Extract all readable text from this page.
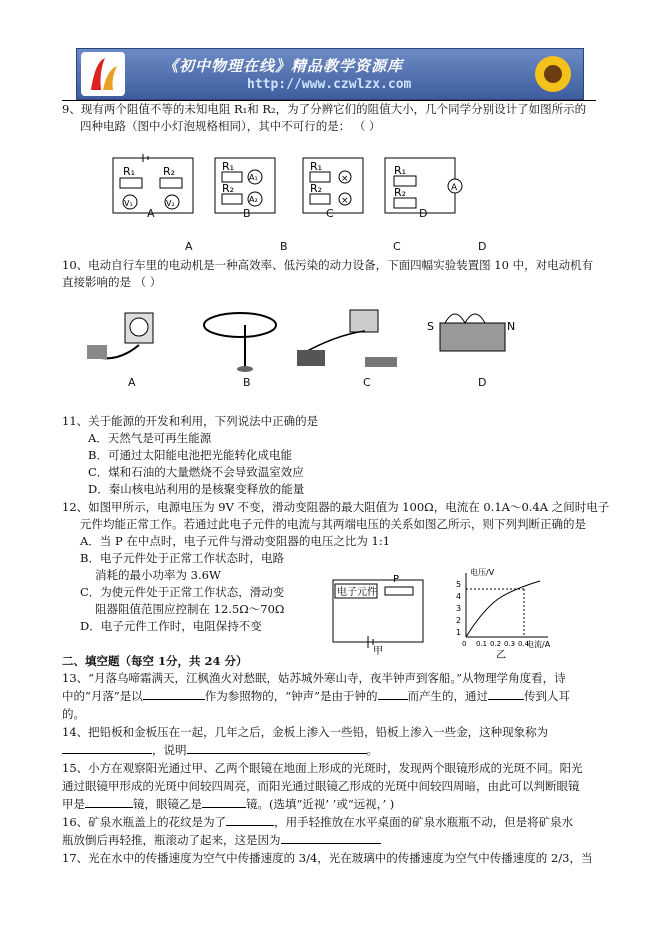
《初中物理在线》精品教学资源库
http://www.czwlzx.com
9、现有两个阻值不等的未知电阻 R₁和 R₂，为了分辨它们的阻值大小，几个同学分别设计了如图所示的
四种电路（图中小灯泡规格相同），其中不可行的是： （ ）
R₁	R₂
V₁	V₂
R₁
A₁
R₂
A₂
R₁
×
R₂
×
R₁
R₂	A
A	B	C	D
A	B	C	D
10、电动自行车里的电动机是一种高效率、低污染的动力设备，下面四幅实验装置图 10 中，对电动机有
直接影响的是 （ ）
S	N
A	B	C	D
11、关于能源的开发和利用，下列说法中正确的是
A．天然气是可再生能源
B．可通过太阳能电池把光能转化成电能
C．煤和石油的大量燃烧不会导致温室效应
D．秦山核电站利用的是核聚变释放的能量
12、如图甲所示，电源电压为 9V 不变，滑动变阻器的最大阻值为 100Ω，电流在 0.1A～0.4A 之间时电子
元件均能正常工作。若通过此电子元件的电流与其两端电压的关系如图乙所示，则下列判断正确的是
A．当 P 在中点时，电子元件与滑动变阻器的电压之比为 1:1
B．电子元件处于正常工作状态时，电路
消耗的最小功率为 3.6W
C．为使元件处于正常工作状态，滑动变
阻器阻值范围应控制在 12.5Ω～70Ω
D．电子元件工作时，电阻保持不变
电子元件
P
甲
电压/V
电流/A
5
4
3
2
1
0 0.1 0.2 0.3 0.4
乙
二、填空题（每空 1分，共 24 分）
13、“月落乌啼霜满天，江枫渔火对愁眠，姑苏城外寒山寺，夜半钟声到客船。”从物理学角度看，诗
中的“月落”是以	作为参照物的，“钟声”是由于钟的	而产生的，通过	传到人耳
的。
14、把铅板和金板压在一起，几年之后，金板上渗入一些铅，铅板上渗入一些金，这种现象称为
，说明	。
15、小方在观察阳光通过甲、乙两个眼镜在地面上形成的光斑时，发现两个眼镜形成的光斑不同。阳光
通过眼镜甲形成的光斑中间较四周亮，而阳光通过眼镜乙形成的光斑中间较四周暗，由此可以判断眼镜
甲是	镜，眼镜乙是	镜。(选填“近视’ ’或“远视，’ )
16、矿泉水瓶盖上的花纹是为了	，用手轻推放在水平桌面的矿泉水瓶瓶不动，但是将矿泉水
瓶放倒后再轻推，瓶滚动了起来，这是因为
17、光在水中的传播速度为空气中传播速度的 3/4，光在玻璃中的传播速度为空气中传播速度的 2/3，当
